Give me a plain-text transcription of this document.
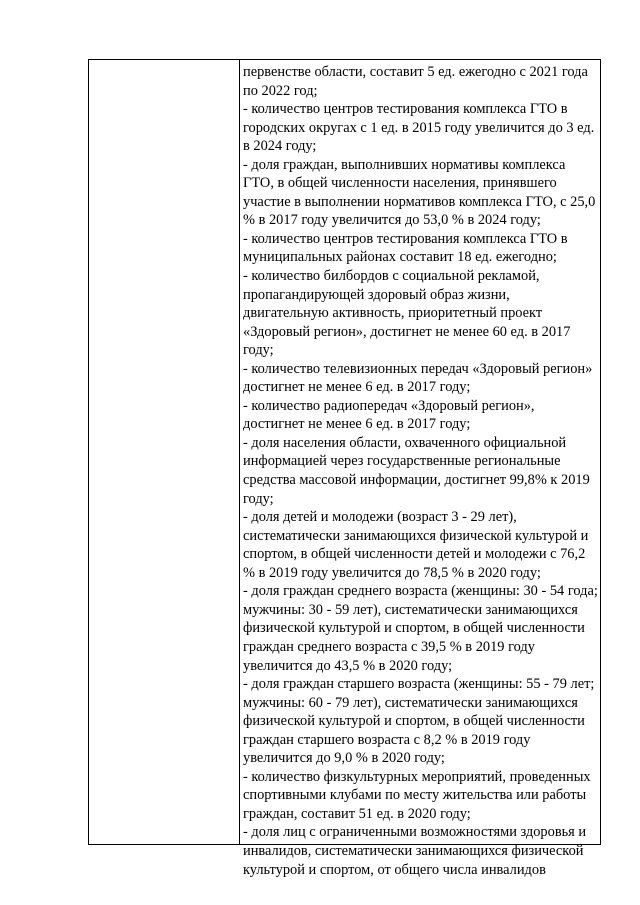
первенстве области, составит 5 ед. ежегодно с 2021 года по 2022 год;

- количество центров тестирования комплекса ГТО в городских округах с 1 ед. в 2015 году увеличится до 3 ед. в 2024 году;

- доля граждан, выполнивших нормативы комплекса ГТО, в общей численности населения, принявшего участие в выполнении нормативов комплекса ГТО, с 25,0 % в 2017 году увеличится до 53,0 % в 2024 году;

- количество центров тестирования комплекса ГТО в муниципальных районах составит 18 ед. ежегодно;

- количество билбордов с социальной рекламой, пропагандирующей здоровый образ жизни, двигательную активность, приоритетный проект «Здоровый регион», достигнет не менее 60 ед. в 2017 году;

- количество телевизионных передач «Здоровый регион» достигнет не менее 6 ед. в 2017 году;

- количество радиопередач «Здоровый регион», достигнет не менее 6 ед. в 2017 году;

- доля населения области, охваченного официальной информацией через государственные региональные средства массовой информации, достигнет 99,8% к 2019 году;

- доля детей и молодежи (возраст 3 - 29 лет), систематически занимающихся физической культурой и спортом, в общей численности детей и молодежи с 76,2 % в 2019 году увеличится до 78,5 % в 2020 году;

- доля граждан среднего возраста (женщины: 30 - 54 года; мужчины: 30 - 59 лет), систематически занимающихся физической культурой и спортом, в общей численности граждан среднего возраста с 39,5 % в 2019 году увеличится до 43,5 % в 2020 году;

- доля граждан старшего возраста (женщины: 55 - 79 лет; мужчины: 60 - 79 лет), систематически занимающихся физической культурой и спортом, в общей численности граждан старшего возраста с 8,2 % в 2019 году увеличится до 9,0 % в 2020 году;

- количество физкультурных мероприятий, проведенных спортивными клубами по месту жительства или работы граждан, составит 51 ед. в 2020 году;

- доля лиц с ограниченными возможностями здоровья и инвалидов, систематически занимающихся физической культурой и спортом, от общего числа инвалидов
